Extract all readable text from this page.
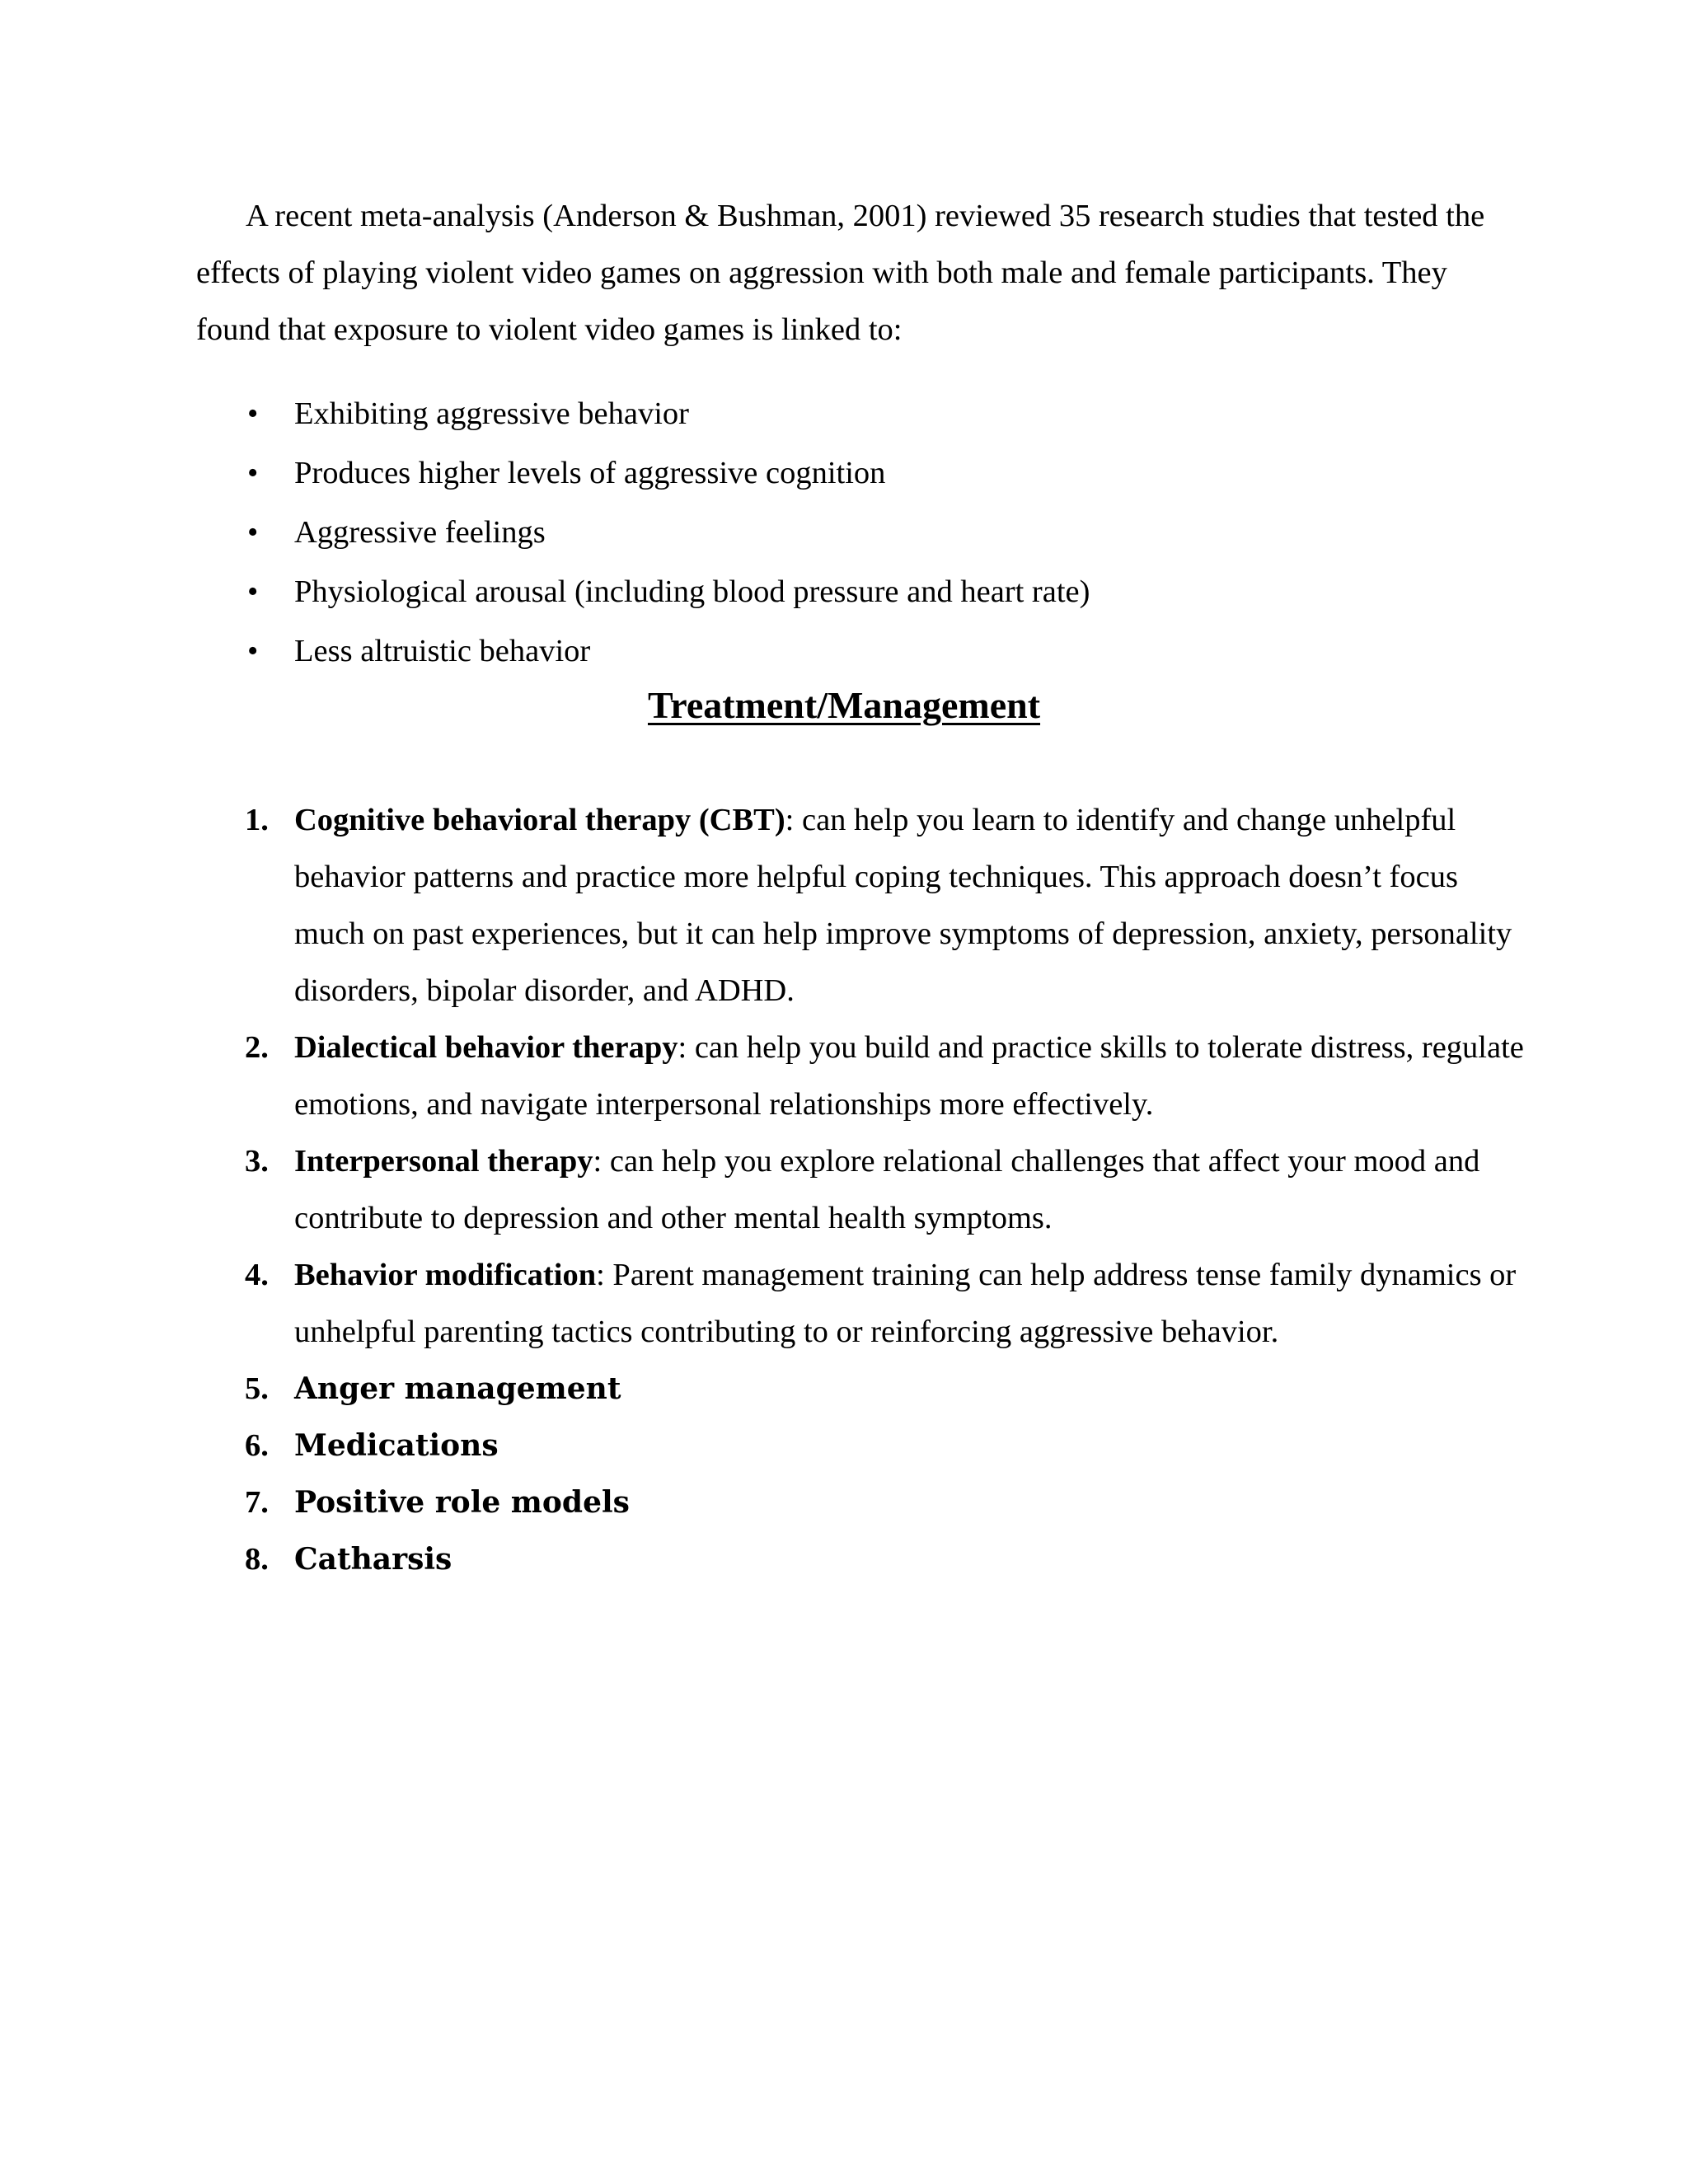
A recent meta-analysis (Anderson & Bushman, 2001) reviewed 35 research studies that tested the effects of playing violent video games on aggression with both male and female participants. They found that exposure to violent video games is linked to:

• Exhibiting aggressive behavior
• Produces higher levels of aggressive cognition
• Aggressive feelings
• Physiological arousal (including blood pressure and heart rate)
• Less altruistic behavior
Treatment/Management
1. Cognitive behavioral therapy (CBT): can help you learn to identify and change unhelpful behavior patterns and practice more helpful coping techniques. This approach doesn’t focus much on past experiences, but it can help improve symptoms of depression, anxiety, personality disorders, bipolar disorder, and ADHD.
2. Dialectical behavior therapy: can help you build and practice skills to tolerate distress, regulate emotions, and navigate interpersonal relationships more effectively.
3. Interpersonal therapy: can help you explore relational challenges that affect your mood and contribute to depression and other mental health symptoms.
4. Behavior modification: Parent management training can help address tense family dynamics or unhelpful parenting tactics contributing to or reinforcing aggressive behavior.
5. Anger management
6. Medications
7. Positive role models
8. Catharsis
